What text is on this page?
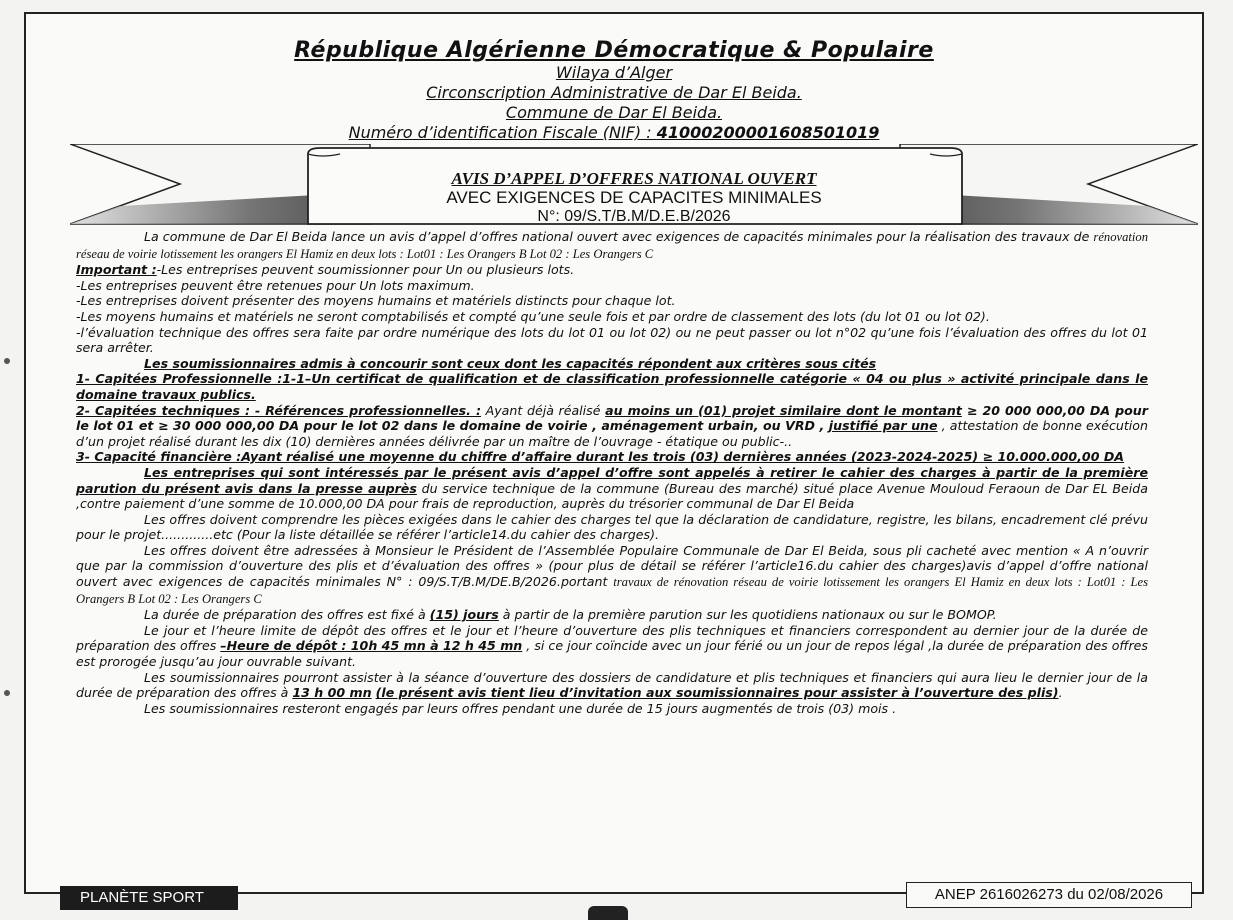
République Algérienne Démocratique & Populaire
Wilaya d’Alger
Circonscription Administrative de Dar El Beida.
Commune de Dar El Beida.
Numéro d’identification Fiscale (NIF) : 41000200001608501019
AVIS D’APPEL D’OFFRES NATIONAL OUVERT
AVEC EXIGENCES DE CAPACITES MINIMALES
N°: 09/S.T/B.M/D.E.B/2026

La commune de Dar El Beida lance un avis d’appel d’offres national ouvert avec exigences de capacités minimales pour la réalisation des travaux de rénovation réseau de voirie lotissement les orangers El Hamiz en deux lots : Lot01 : Les Orangers B Lot 02 : Les Orangers C

Important :-Les entreprises peuvent soumissionner pour Un ou plusieurs lots.

-Les entreprises peuvent être retenues pour Un lots maximum.

-Les entreprises doivent présenter des moyens humains et matériels distincts pour chaque lot.

-Les moyens humains et matériels ne seront comptabilisés et compté qu’une seule fois et par ordre de classement des lots (du lot 01 ou lot 02).

-l’évaluation technique des offres sera faite par ordre numérique des lots du lot 01 ou lot 02) ou ne peut passer ou lot n°02 qu’une fois l’évaluation des offres du lot 01 sera arrêter.

Les soumissionnaires admis à concourir sont ceux dont les capacités répondent aux critères sous cités

1- Capitées Professionnelle :1-1–Un certificat de qualification et de classification professionnelle catégorie « 04 ou plus » activité principale dans le domaine travaux publics.

2- Capitées techniques : - Références professionnelles. : Ayant déjà réalisé au moins un (01) projet similaire dont le montant ≥ 20 000 000,00 DA pour le lot 01 et ≥ 30 000 000,00 DA pour le lot 02 dans le domaine de voirie , aménagement urbain, ou VRD , justifié par une , attestation de bonne exécution d’un projet réalisé durant les dix (10) dernières années délivrée par un maître de l’ouvrage - étatique ou public-..

3- Capacité financière :Ayant réalisé une moyenne du chiffre d’affaire durant les trois (03) dernières années (2023-2024-2025) ≥ 10.000.000,00 DA

Les entreprises qui sont intéressés par le présent avis d’appel d’offre sont appelés à retirer le cahier des charges à partir de la première parution du présent avis dans la presse auprès du service technique de la commune (Bureau des marché) situé place Avenue Mouloud Feraoun de Dar EL Beida ,contre paiement d’une somme de 10.000,00 DA pour frais de reproduction, auprès du trésorier communal de Dar El Beida

Les offres doivent comprendre les pièces exigées dans le cahier des charges tel que la déclaration de candidature, registre, les bilans, encadrement clé prévu pour le projet.............etc (Pour la liste détaillée se référer l’article14.du cahier des charges).

Les offres doivent être adressées à Monsieur le Président de l’Assemblée Populaire Communale de Dar El Beida, sous pli cacheté avec mention « A n’ouvrir que par la commission d’ouverture des plis et d’évaluation des offres » (pour plus de détail se référer l’article16.du cahier des charges)avis d’appel d’offre national ouvert avec exigences de capacités minimales N° : 09/S.T/B.M/DE.B/2026.portant travaux de rénovation réseau de voirie lotissement les orangers El Hamiz en deux lots : Lot01 : Les Orangers B Lot 02 : Les Orangers C

La durée de préparation des offres est fixé à (15) jours à partir de la première parution sur les quotidiens nationaux ou sur le BOMOP.

Le jour et l’heure limite de dépôt des offres et le jour et l’heure d’ouverture des plis techniques et financiers correspondent au dernier jour de la durée de préparation des offres –Heure de dépôt : 10h 45 mn à 12 h 45 mn , si ce jour coïncide avec un jour férié ou un jour de repos légal ,la durée de préparation des offres est prorogée jusqu’au jour ouvrable suivant.

Les soumissionnaires pourront assister à la séance d’ouverture des dossiers de candidature et plis techniques et financiers qui aura lieu le dernier jour de la durée de préparation des offres à 13 h 00 mn (le présent avis tient lieu d’invitation aux soumissionnaires pour assister à l’ouverture des plis).

Les soumissionnaires resteront engagés par leurs offres pendant une durée de 15 jours augmentés de trois (03) mois .

PLANÈTE SPORT	ANEP 2616026273 du 02/08/2026
